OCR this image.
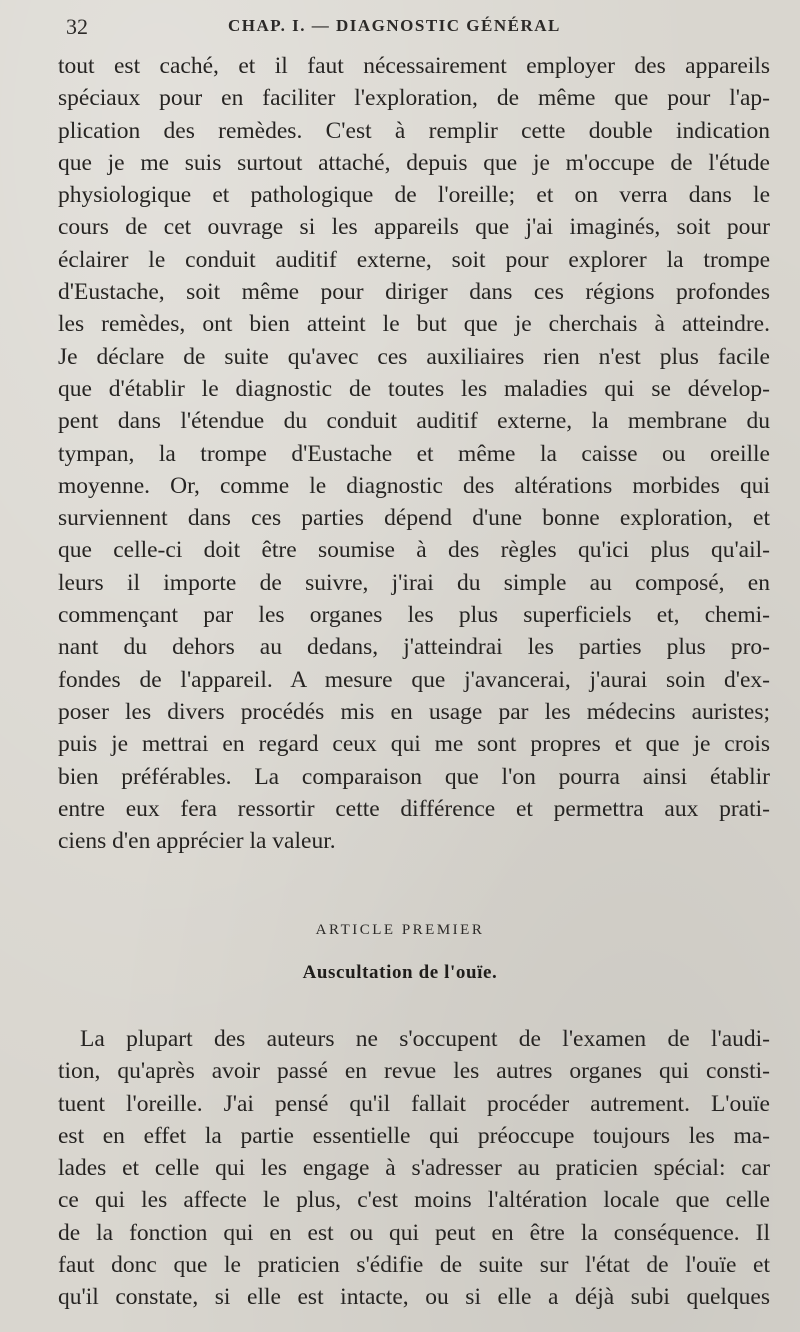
32	CHAP. I. — DIAGNOSTIC GÉNÉRAL
tout est caché, et il faut nécessairement employer des appareils
spéciaux pour en faciliter l'exploration, de même que pour l'ap-
plication des remèdes. C'est à remplir cette double indication
que je me suis surtout attaché, depuis que je m'occupe de l'étude
physiologique et pathologique de l'oreille; et on verra dans le
cours de cet ouvrage si les appareils que j'ai imaginés, soit pour
éclairer le conduit auditif externe, soit pour explorer la trompe
d'Eustache, soit même pour diriger dans ces régions profondes
les remèdes, ont bien atteint le but que je cherchais à atteindre.
Je déclare de suite qu'avec ces auxiliaires rien n'est plus facile
que d'établir le diagnostic de toutes les maladies qui se dévelop-
pent dans l'étendue du conduit auditif externe, la membrane du
tympan, la trompe d'Eustache et même la caisse ou oreille
moyenne. Or, comme le diagnostic des altérations morbides qui
surviennent dans ces parties dépend d'une bonne exploration, et
que celle-ci doit être soumise à des règles qu'ici plus qu'ail-
leurs il importe de suivre, j'irai du simple au composé, en
commençant par les organes les plus superficiels et, chemi-
nant du dehors au dedans, j'atteindrai les parties plus pro-
fondes de l'appareil. A mesure que j'avancerai, j'aurai soin d'ex-
poser les divers procédés mis en usage par les médecins auristes;
puis je mettrai en regard ceux qui me sont propres et que je crois
bien préférables. La comparaison que l'on pourra ainsi établir
entre eux fera ressortir cette différence et permettra aux prati-
ciens d'en apprécier la valeur.
ARTICLE PREMIER
Auscultation de l'ouïe.
La plupart des auteurs ne s'occupent de l'examen de l'audi-
tion, qu'après avoir passé en revue les autres organes qui consti-
tuent l'oreille. J'ai pensé qu'il fallait procéder autrement. L'ouïe
est en effet la partie essentielle qui préoccupe toujours les ma-
lades et celle qui les engage à s'adresser au praticien spécial: car
ce qui les affecte le plus, c'est moins l'altération locale que celle
de la fonction qui en est ou qui peut en être la conséquence. Il
faut donc que le praticien s'édifie de suite sur l'état de l'ouïe et
qu'il constate, si elle est intacte, ou si elle a déjà subi quelques
